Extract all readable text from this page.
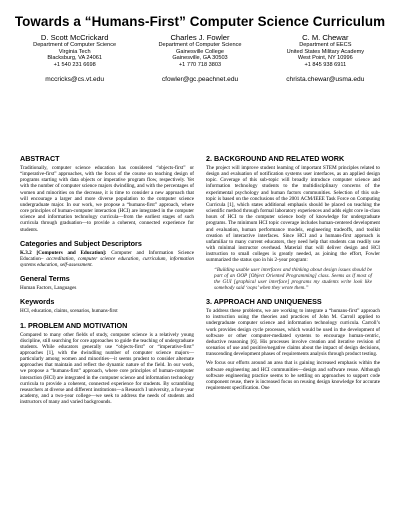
Towards a “Humans-First” Computer Science Curriculum
D. Scott McCrickard
Department of Computer Science
Virginia Tech
Blacksburg, VA 24061
+1 540 231 6698
mccricks@cs.vt.edu
Charles J. Fowler
Department of Computer Science
Gainesville College
Gainesville, GA 30503
+1 770 718 3803
cfowler@gc.peachnet.edu
C. M. Chewar
Department of EECS
United States Military Academy
West Point, NY 10996
+1 845 938 6911
christa.chewar@usma.edu
ABSTRACT

Traditionally, computer science education has considered “objects-first” or “imperative-first” approaches, with the focus of the course on teaching design of programs starting with data objects or imperative program flow, respectively. Yet with the number of computer science majors dwindling, and with the percentages of women and minorities on the decrease, it is time to consider a new approach that will encourage a larger and more diverse population to the computer science undergraduate major. In our work, we propose a “humans-first” approach, where core principles of human-computer interaction (HCI) are integrated in the computer science and information technology curricula—from the earliest stages of such curricula through graduation—to provide a coherent, connected experience for students.

Categories and Subject Descriptors

K.3.2 [Computers and Education]: Computer and Information Science Education– accreditation, computer science education, curriculum, information systems education, self-assessment.

General Terms

Human Factors, Languages

Keywords

HCI, education, claims, scenarios, humans-first

1. PROBLEM AND MOTIVATION

Compared to many other fields of study, computer science is a relatively young discipline, still searching for core approaches to guide the teaching of undergraduate students. While educators generally use “objects-first” or “imperative-first” approaches [1], with the dwindling number of computer science majors—particularly among women and minorities—it seems prudent to consider alternate approaches that maintain and reflect the dynamic nature of the field. In our work, we propose a “humans-first” approach, where core principles of human-computer interaction (HCI) are integrated in the computer science and information technology curricula to provide a coherent, connected experience for students. By scrambling researchers at diverse and different institutions—a Research I university, a four-year academy, and a two-year college—we seek to address the needs of students and instructors of many and varied backgrounds.

2. BACKGROUND AND RELATED WORK

The project will improve student learning of important STEM principles related to design and evaluation of notification systems user interfaces, as an applied design topic. Coverage of this sub-topic will broadly introduce computer science and information technology students to the multidisciplinary concerns of the experimental psychology and human factors communities. Selection of this sub-topic is based on the conclusions of the 2001 ACM/IEEE Task Force on Computing Curricula [1], which states additional emphasis should be placed on teaching the scientific method through formal laboratory experiences and adds eight core in-class hours of HCI to the computer science body of knowledge for undergraduate programs. The minimum HCI topic coverage includes human-centered development and evaluation, human performance models, engineering tradeoffs, and toolkit creation of interactive interfaces. Since HCI and a humans-first approach is unfamiliar to many current educators, they need help that students can readily use with minimal instructor overhead. Material that will deliver design and HCI instruction to small colleges is greatly needed, as joining the effort, Fowler summarized the status quo in his 2-year program:

“Building usable user interfaces and thinking about design issues should be part of an OOP [Object Oriented Programming] class. Seems as if most of the GUI [graphical user interface] programs my students write look like somebody said ‘oops’ when they wrote them.”
3. APPROACH AND UNIQUENESS

To address these problems, we are working to integrate a “humans-first” approach to instruction using the theories and practices of John M. Carroll applied to undergraduate computer science and information technology curricula. Carroll’s work provides design cycle processes, which would be used in the development of software or other computer-mediated systems to encourage human-centric, deductive reasoning [6]. His processes involve creation and iterative revision of scenarios of use and positive/negative claims about the impact of design decisions, transcending development phases of requirements analysis through product testing.

We focus our efforts around an area that is gaining increased emphasis within the software engineering and HCI communities—design and software reuse. Although software engineering practice seems to be settling on approaches to support code component reuse, there is increased focus on reusing design knowledge for accurate requirement specification. One
